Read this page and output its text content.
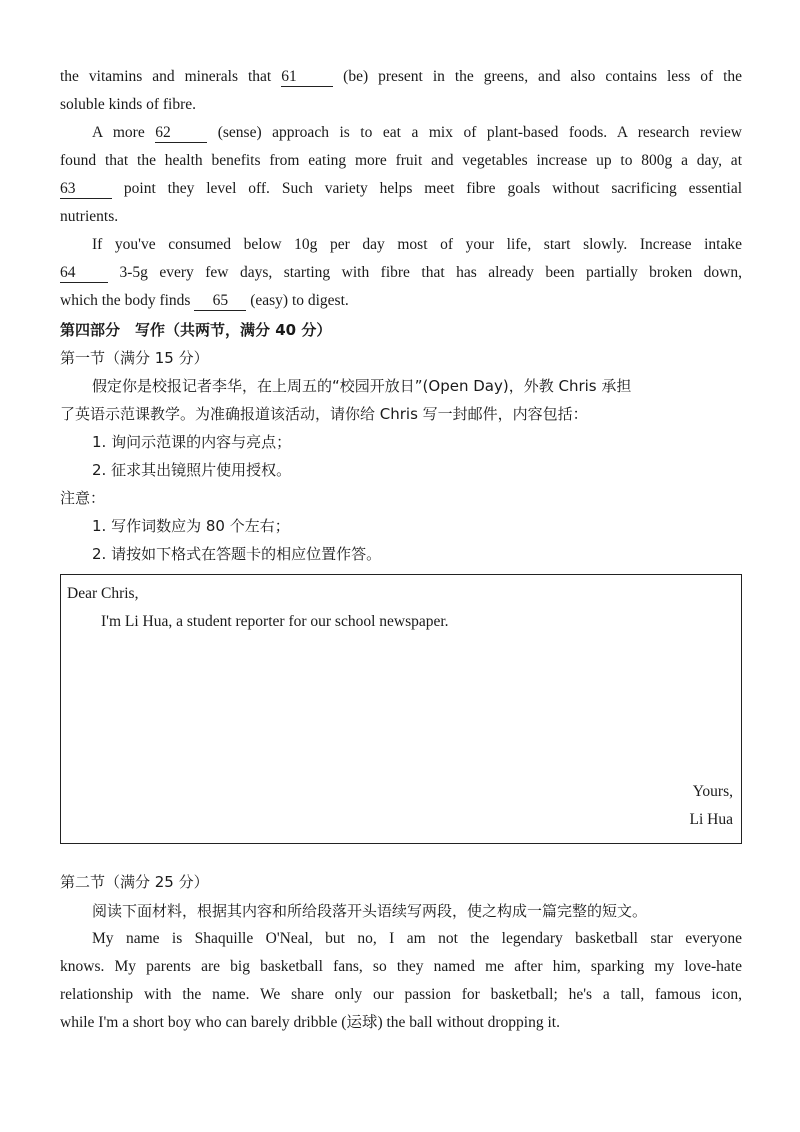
the vitamins and minerals that 61	(be) present in the greens, and also contains less of the
soluble kinds of fibre.
A more 62	(sense) approach is to eat a mix of plant-based foods. A research review
found that the health benefits from eating more fruit and vegetables increase up to 800g a day, at
63	point they level off. Such variety helps meet fibre goals without sacrificing essential
nutrients.
If you've consumed below 10g per day most of your life, start slowly. Increase intake
64	3-5g every few days, starting with fibre that has already been partially broken down,
which the body finds 65 (easy) to digest.
第四部分　写作（共两节，满分 40 分）
第一节（满分 15 分）
假定你是校报记者李华，在上周五的“校园开放日”(Open Day)，外教 Chris 承担
了英语示范课教学。为准确报道该活动，请你给 Chris 写一封邮件，内容包括：
1. 询问示范课的内容与亮点；
2. 征求其出镜照片使用授权。
注意：
1. 写作词数应为 80 个左右；
2. 请按如下格式在答题卡的相应位置作答。
Dear Chris,
I'm Li Hua, a student reporter for our school newspaper.
Yours,
Li Hua
第二节（满分 25 分）
阅读下面材料，根据其内容和所给段落开头语续写两段，使之构成一篇完整的短文。
My name is Shaquille O'Neal, but no, I am not the legendary basketball star everyone
knows. My parents are big basketball fans, so they named me after him, sparking my love-hate
relationship with the name. We share only our passion for basketball; he's a tall, famous icon,
while I'm a short boy who can barely dribble (运球) the ball without dropping it.
